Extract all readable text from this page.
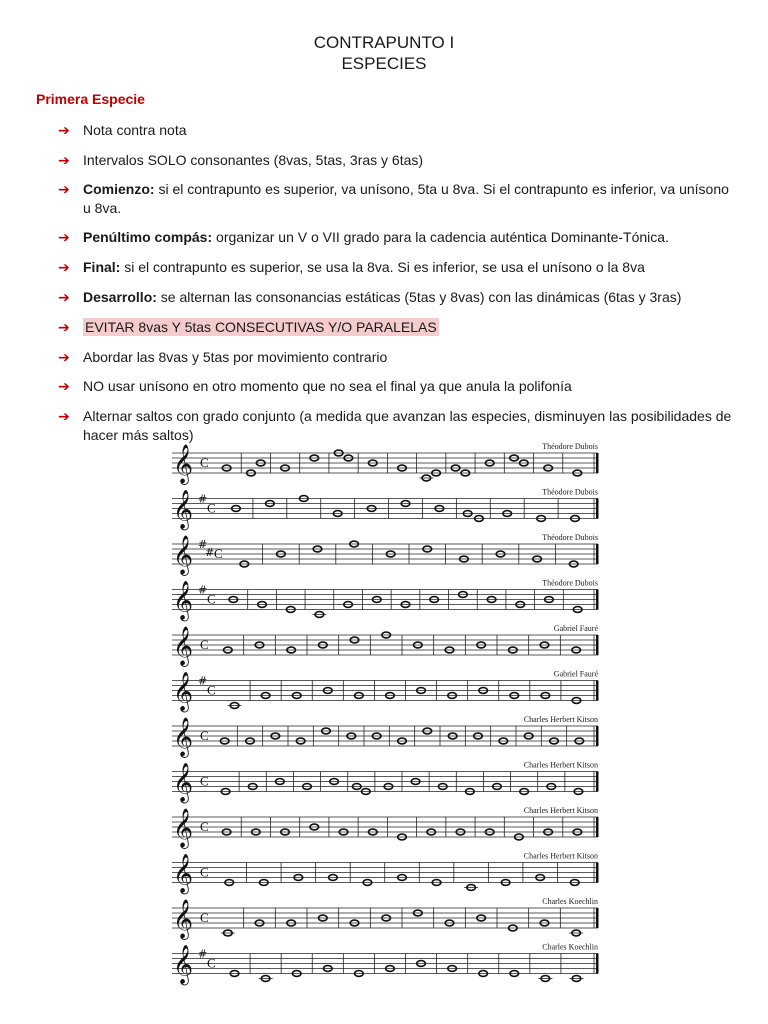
CONTRAPUNTO I
ESPECIES
Primera Especie
➔ Nota contra nota
➔ Intervalos SOLO consonantes (8vas, 5tas, 3ras y 6tas)
➔ Comienzo: si el contrapunto es superior, va unísono, 5ta u 8va. Si el contrapunto es inferior, va unísono u 8va.
➔ Penúltimo compás: organizar un V o VII grado para la cadencia auténtica Dominante-Tónica.
➔ Final: si el contrapunto es superior, se usa la 8va. Si es inferior, se usa el unísono o la 8va
➔ Desarrollo: se alternan las consonancias estáticas (5tas y 8vas) con las dinámicas (6tas y 3ras)
➔ EVITAR 8vas Y 5tas CONSECUTIVAS Y/O PARALELAS
➔ Abordar las 8vas y 5tas por movimiento contrario
➔ NO usar unísono en otro momento que no sea el final ya que anula la polifonía
➔ Alternar saltos con grado conjunto (a medida que avanzan las especies, disminuyen las posibilidades de hacer más saltos)
Théodore Dubois
𝄞 C
Théodore Dubois
𝄞 #
C
Théodore Dubois
𝄞 #
# C
Théodore Dubois
𝄞 #
C
Gabriel Fauré
𝄞 C
Gabriel Fauré
𝄞 #
C
Charles Herbert Kitson
𝄞 C
Charles Herbert Kitson
𝄞 C
Charles Herbert Kitson
𝄞 C
Charles Herbert Kitson
𝄞 C
Charles Koechlin
𝄞 C
Charles Koechlin
𝄞 #
C
